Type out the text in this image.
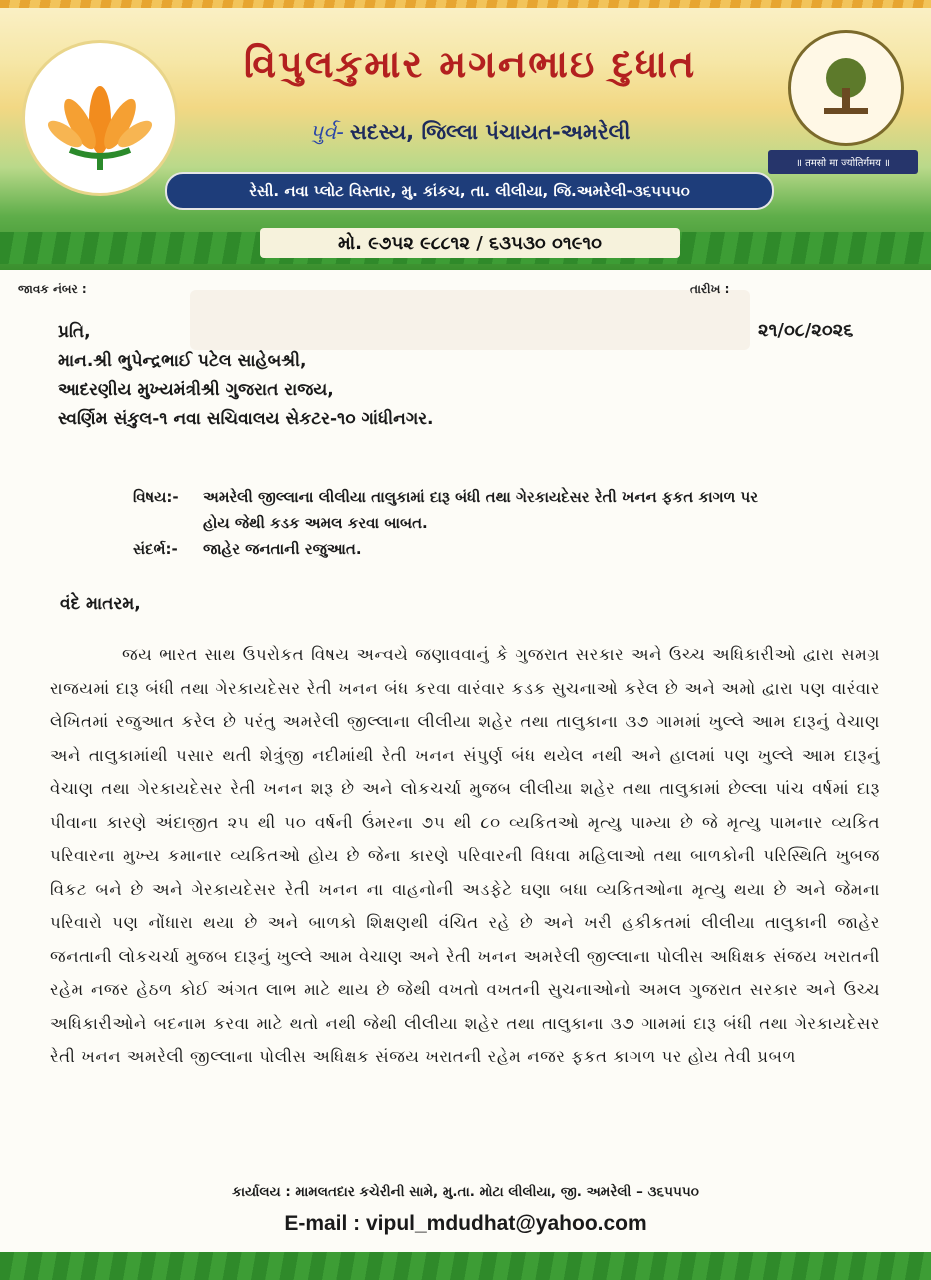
વિપુલકુમાર મગનભાઇ દુધાત
પુર્વ- સદસ્ય, જિલ્લા પંચાયત-અમરેલી
રેસી. નવા પ્લોટ વિસ્તાર, મુ. કાંકચ, તા. લીલીયા, જિ.અમરેલી-૩૬૫૫૫૦
॥ तमसो मा ज्योतिर्गमय ॥
મો. ૯૭૫૨ ૯૮૮૧૨ / ૬૩૫૩૦ ૦૧૯૧૦
જાવક નંબર :	તારીખ :
૨૧/૦૮/૨૦૨૬
પ્રતિ,
માન.શ્રી ભુપેન્દ્રભાઈ પટેલ સાહેબશ્રી,
આદરણીય મુખ્યમંત્રીશ્રી ગુજરાત રાજય,
સ્વર્ણિમ સંકુલ-૧ નવા સચિવાલય સેકટર-૧૦ ગાંધીનગર.
વિષય:-	અમરેલી જીલ્લાના લીલીયા તાલુકામાં દારૂ બંધી તથા ગેરકાયદેસર રેતી ખનન ફકત કાગળ પર
હોય જેથી કડક અમલ કરવા બાબત.
સંદર્ભ:-	જાહેર જનતાની રજુઆત.
વંદે માતરમ,
જય ભારત સાથ ઉપરોકત વિષય અન્વયે જણાવવાનું કે ગુજરાત સરકાર અને ઉચ્ચ અધિકારીઓ દ્વારા સમગ્ર રાજયમાં દારૂ બંધી તથા ગેરકાયદેસર રેતી ખનન બંધ કરવા વારંવાર કડક સુચનાઓ કરેલ છે અને અમો દ્વારા પણ વારંવાર લેખિતમાં રજુઆત કરેલ છે પરંતુ અમરેલી જીલ્લાના લીલીયા શહેર તથા તાલુકાના ૩૭ ગામમાં ખુલ્લે આમ દારૂનું વેચાણ અને તાલુકામાંથી પસાર થતી શેત્રુંજી નદીમાંથી રેતી ખનન સંપુર્ણ બંધ થયેલ નથી અને હાલમાં પણ ખુલ્લે આમ દારૂનું વેચાણ તથા ગેરકાયદેસર રેતી ખનન શરૂ છે અને લોકચર્ચા મુજબ લીલીયા શહેર તથા તાલુકામાં છેલ્લા પાંચ વર્ષમાં દારૂ પીવાના કારણે અંદાજીત ૨૫ થી ૫૦ વર્ષની ઉંમરના ૭૫ થી ૮૦ વ્યકિતઓ મૃત્યુ પામ્યા છે જે મૃત્યુ પામનાર વ્યકિત પરિવારના મુખ્ય કમાનાર વ્યકિતઓ હોય છે જેના કારણે પરિવારની વિધવા મહિલાઓ તથા બાળકોની પરિસ્થિતિ ખુબજ વિકટ બને છે અને ગેરકાયદેસર રેતી ખનન ના વાહનોની અડફેટે ઘણા બધા વ્યકિતઓના મૃત્યુ થયા છે અને જેમના પરિવારો પણ નોંધારા થયા છે અને બાળકો શિક્ષણથી વંચિત રહે છે અને ખરી હકીકતમાં લીલીયા તાલુકાની જાહેર જનતાની લોકચર્ચા મુજબ દારૂનું ખુલ્લે આમ વેચાણ અને રેતી ખનન અમરેલી જીલ્લાના પોલીસ અધિક્ષક સંજય ખરાતની રહેમ નજર હેઠળ કોઈ અંગત લાભ માટે થાય છે જેથી વખતો વખતની સુચનાઓનો અમલ ગુજરાત સરકાર અને ઉચ્ચ અધિકારીઓને બદનામ કરવા માટે થતો નથી જેથી લીલીયા શહેર તથા તાલુકાના ૩૭ ગામમાં દારૂ બંધી તથા ગેરકાયદેસર રેતી ખનન અમરેલી જીલ્લાના પોલીસ અધિક્ષક સંજય ખરાતની રહેમ નજર ફકત કાગળ પર હોય તેવી પ્રબળ
કાર્યાલય : મામલતદાર કચેરીની સામે, મુ.તા. મોટા લીલીયા, જી. અમરેલી – ૩૬૫૫૫૦
E-mail : vipul_mdudhat@yahoo.com
